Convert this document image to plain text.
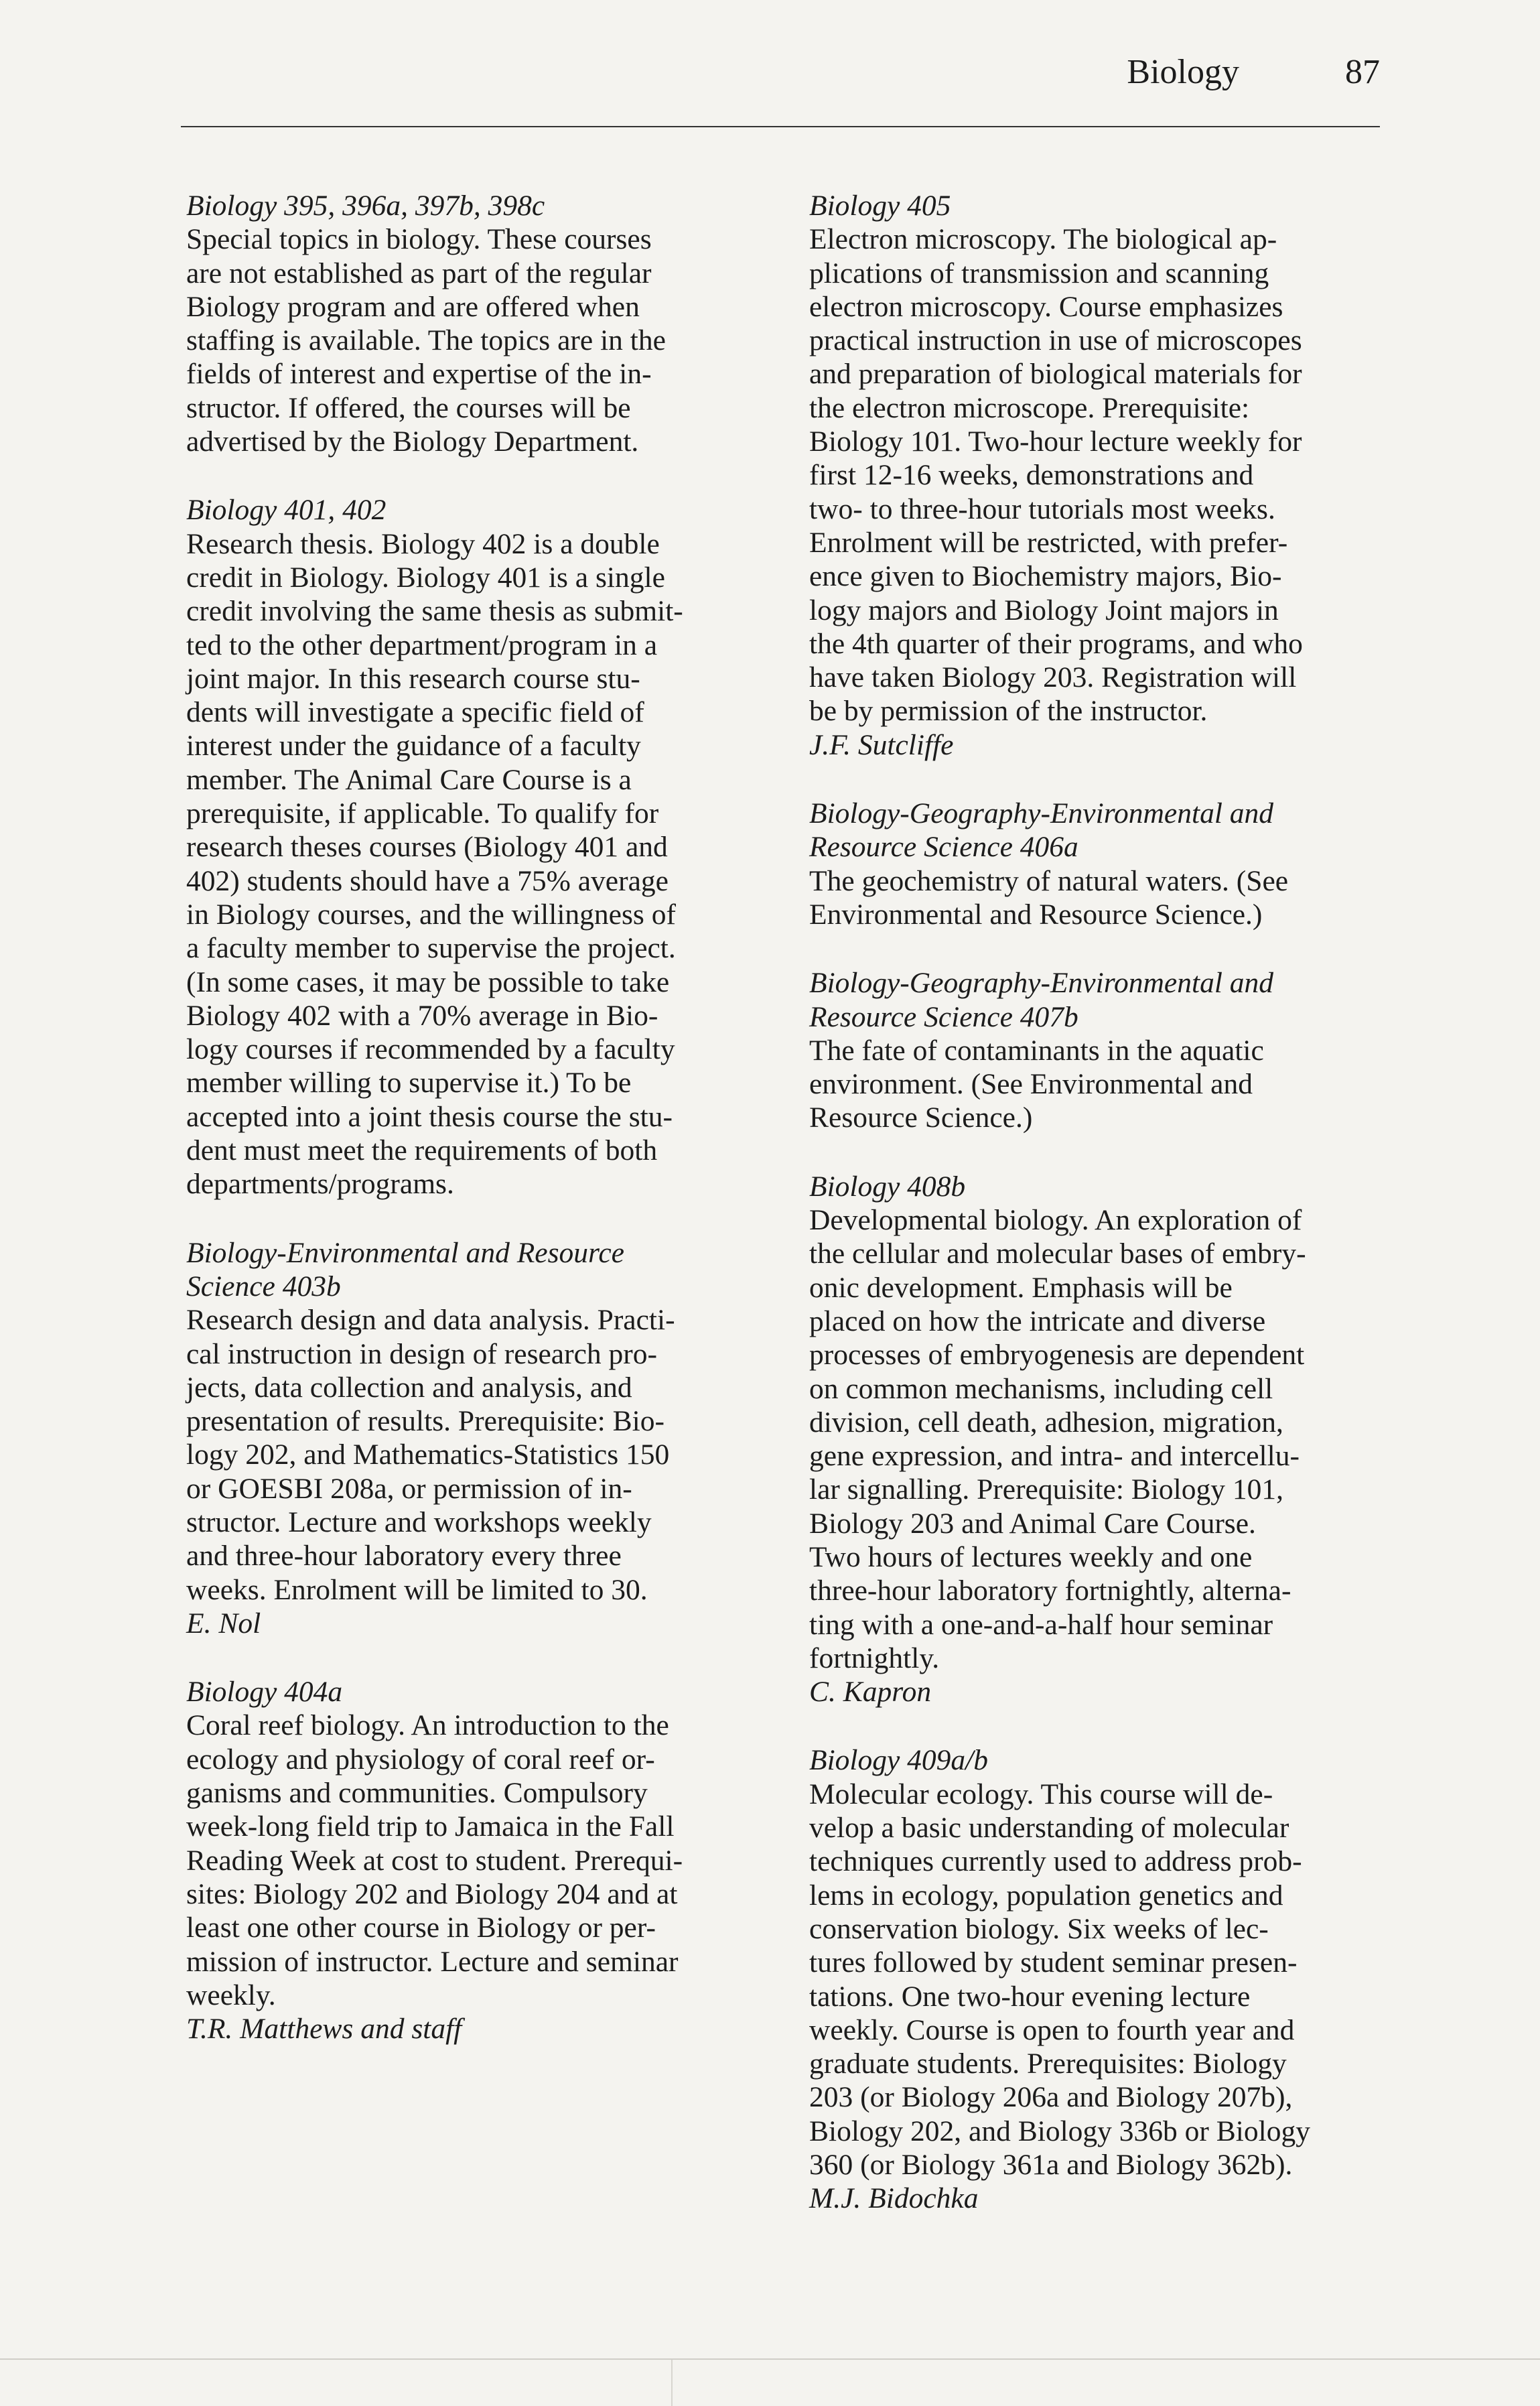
Biology	87
Biology 395, 396a, 397b, 398c
Special topics in biology. These courses
are not established as part of the regular
Biology program and are offered when
staffing is available. The topics are in the
fields of interest and expertise of the in-
structor. If offered, the courses will be
advertised by the Biology Department.
Biology 401, 402
Research thesis. Biology 402 is a double
credit in Biology. Biology 401 is a single
credit involving the same thesis as submit-
ted to the other department/program in a
joint major. In this research course stu-
dents will investigate a specific field of
interest under the guidance of a faculty
member. The Animal Care Course is a
prerequisite, if applicable. To qualify for
research theses courses (Biology 401 and
402) students should have a 75% average
in Biology courses, and the willingness of
a faculty member to supervise the project.
(In some cases, it may be possible to take
Biology 402 with a 70% average in Bio-
logy courses if recommended by a faculty
member willing to supervise it.) To be
accepted into a joint thesis course the stu-
dent must meet the requirements of both
departments/programs.
Biology-Environmental and Resource
Science 403b
Research design and data analysis. Practi-
cal instruction in design of research pro-
jects, data collection and analysis, and
presentation of results. Prerequisite: Bio-
logy 202, and Mathematics-Statistics 150
or GOESBI 208a, or permission of in-
structor. Lecture and workshops weekly
and three-hour laboratory every three
weeks. Enrolment will be limited to 30.
E. Nol
Biology 404a
Coral reef biology. An introduction to the
ecology and physiology of coral reef or-
ganisms and communities. Compulsory
week-long field trip to Jamaica in the Fall
Reading Week at cost to student. Prerequi-
sites: Biology 202 and Biology 204 and at
least one other course in Biology or per-
mission of instructor. Lecture and seminar
weekly.
T.R. Matthews and staff
Biology 405
Electron microscopy. The biological ap-
plications of transmission and scanning
electron microscopy. Course emphasizes
practical instruction in use of microscopes
and preparation of biological materials for
the electron microscope. Prerequisite:
Biology 101. Two-hour lecture weekly for
first 12-16 weeks, demonstrations and
two- to three-hour tutorials most weeks.
Enrolment will be restricted, with prefer-
ence given to Biochemistry majors, Bio-
logy majors and Biology Joint majors in
the 4th quarter of their programs, and who
have taken Biology 203. Registration will
be by permission of the instructor.
J.F. Sutcliffe
Biology-Geography-Environmental and
Resource Science 406a
The geochemistry of natural waters. (See
Environmental and Resource Science.)
Biology-Geography-Environmental and
Resource Science 407b
The fate of contaminants in the aquatic
environment. (See Environmental and
Resource Science.)
Biology 408b
Developmental biology. An exploration of
the cellular and molecular bases of embry-
onic development. Emphasis will be
placed on how the intricate and diverse
processes of embryogenesis are dependent
on common mechanisms, including cell
division, cell death, adhesion, migration,
gene expression, and intra- and intercellu-
lar signalling. Prerequisite: Biology 101,
Biology 203 and Animal Care Course.
Two hours of lectures weekly and one
three-hour laboratory fortnightly, alterna-
ting with a one-and-a-half hour seminar
fortnightly.
C. Kapron
Biology 409a/b
Molecular ecology. This course will de-
velop a basic understanding of molecular
techniques currently used to address prob-
lems in ecology, population genetics and
conservation biology. Six weeks of lec-
tures followed by student seminar presen-
tations. One two-hour evening lecture
weekly. Course is open to fourth year and
graduate students. Prerequisites: Biology
203 (or Biology 206a and Biology 207b),
Biology 202, and Biology 336b or Biology
360 (or Biology 361a and Biology 362b).
M.J. Bidochka
